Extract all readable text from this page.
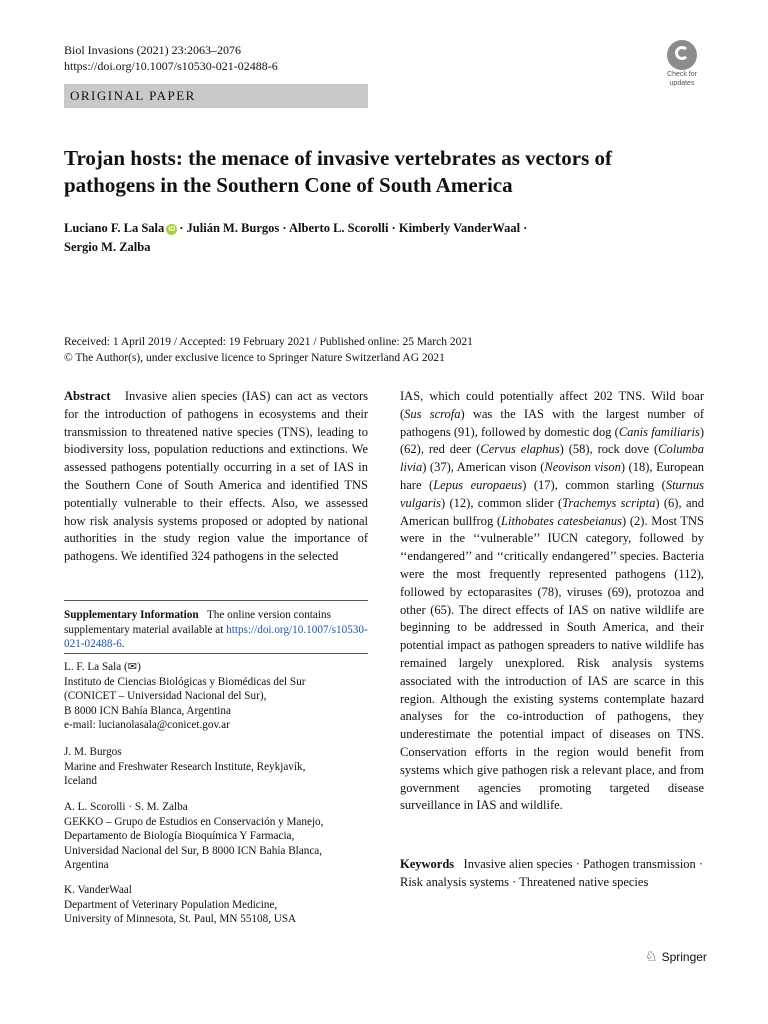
Biol Invasions (2021) 23:2063–2076
https://doi.org/10.1007/s10530-021-02488-6
Check for
updates
ORIGINAL PAPER
Trojan hosts: the menace of invasive vertebrates as vectors of pathogens in the Southern Cone of South America
Luciano F. La Sala iD · Julián M. Burgos · Alberto L. Scorolli · Kimberly VanderWaal ·
Sergio M. Zalba
Received: 1 April 2019 / Accepted: 19 February 2021 / Published online: 25 March 2021
© The Author(s), under exclusive licence to Springer Nature Switzerland AG 2021

Abstract Invasive alien species (IAS) can act as vectors for the introduction of pathogens in ecosystems and their transmission to threatened native species (TNS), leading to biodiversity loss, population reductions and extinctions. We assessed pathogens potentially occurring in a set of IAS in the Southern Cone of South America and identified TNS potentially vulnerable to their effects. Also, we assessed how risk analysis systems proposed or adopted by national authorities in the study region value the importance of pathogens. We identified 324 pathogens in the selected

IAS, which could potentially affect 202 TNS. Wild boar (Sus scrofa) was the IAS with the largest number of pathogens (91), followed by domestic dog (Canis familiaris) (62), red deer (Cervus elaphus) (58), rock dove (Columba livia) (37), American vison (Neovison vison) (18), European hare (Lepus europaeus) (17), common starling (Sturnus vulgaris) (12), common slider (Trachemys scripta) (6), and American bullfrog (Lithobates catesbeianus) (2). Most TNS were in the ‘‘vulnerable’’ IUCN category, followed by ‘‘endangered’’ and ‘‘critically endangered’’ species. Bacteria were the most frequently represented pathogens (112), followed by ectoparasites (78), viruses (69), protozoa and other (65). The direct effects of IAS on native wildlife are beginning to be addressed in South America, and their potential impact as pathogen spreaders to native wildlife has remained largely unexplored. Risk analysis systems associated with the introduction of IAS are scarce in this region. Although the existing systems contemplate hazard analyses for the co-introduction of pathogens, they underestimate the potential impact of diseases on TNS. Conservation efforts in the region would benefit from systems which give pathogen risk a relevant place, and from government agencies promoting targeted disease surveillance in IAS and wildlife.

Supplementary Information The online version contains supplementary material available at https://doi.org/10.1007/s10530-021-02488-6.
L. F. La Sala (✉)
Instituto de Ciencias Biológicas y Biomédicas del Sur
(CONICET – Universidad Nacional del Sur),
B 8000 ICN Bahía Blanca, Argentina
e-mail: lucianolasala@conicet.gov.ar
J. M. Burgos
Marine and Freshwater Research Institute, Reykjavík,
Iceland
A. L. Scorolli · S. M. Zalba
GEKKO – Grupo de Estudios en Conservación y Manejo,
Departamento de Biología Bioquímica Y Farmacia,
Universidad Nacional del Sur, B 8000 ICN Bahía Blanca,
Argentina
K. VanderWaal
Department of Veterinary Population Medicine,
University of Minnesota, St. Paul, MN 55108, USA
Keywords Invasive alien species · Pathogen transmission · Risk analysis systems · Threatened native species
♘ Springer
